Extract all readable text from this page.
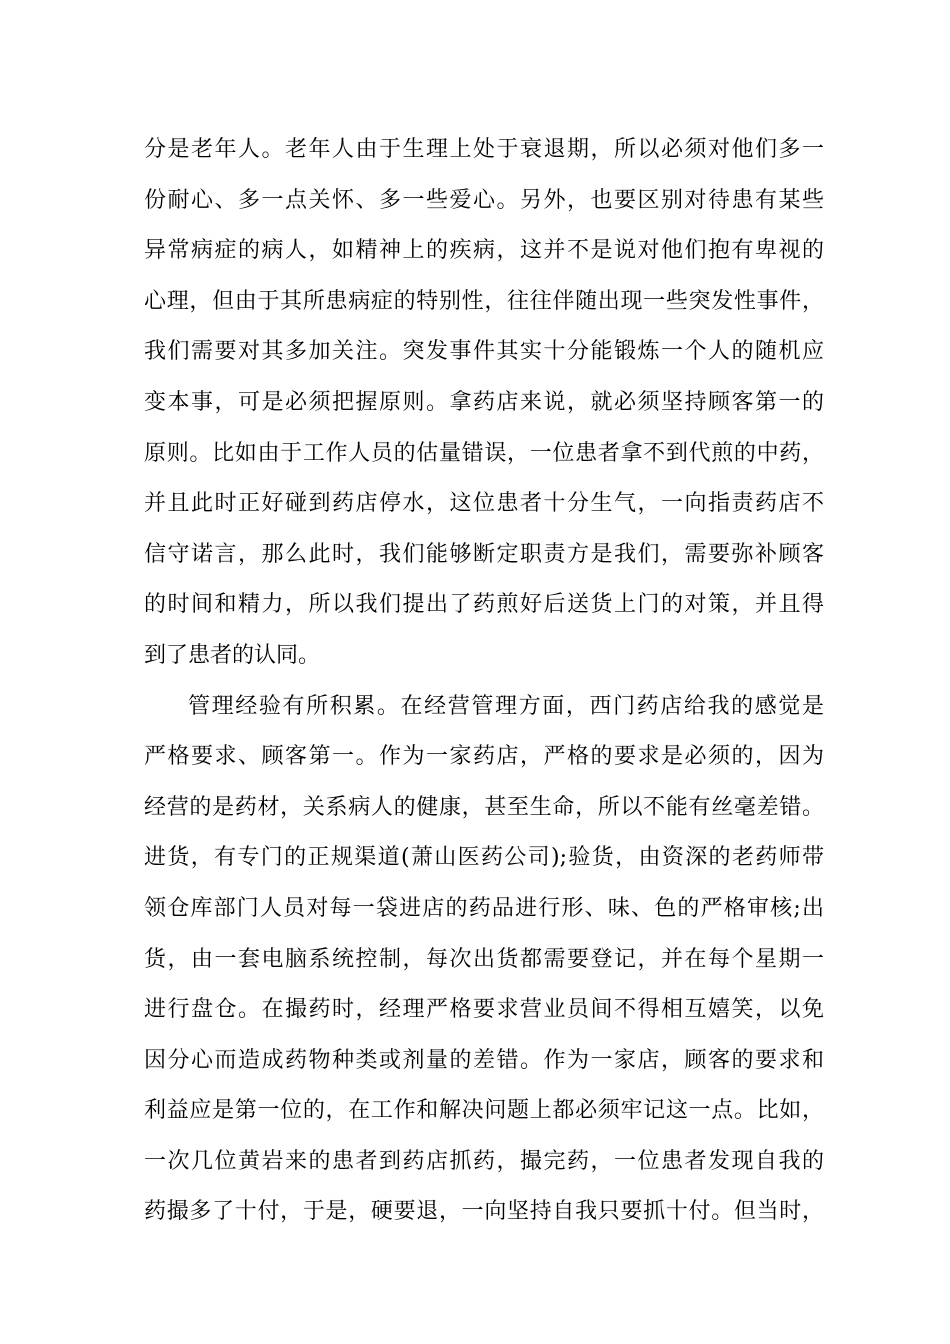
分是老年人。老年人由于生理上处于衰退期，所以必须对他们多一
份耐心、多一点关怀、多一些爱心。另外，也要区别对待患有某些
异常病症的病人，如精神上的疾病，这并不是说对他们抱有卑视的
心理，但由于其所患病症的特别性，往往伴随出现一些突发性事件，
我们需要对其多加关注。突发事件其实十分能锻炼一个人的随机应
变本事，可是必须把握原则。拿药店来说，就必须坚持顾客第一的
原则。比如由于工作人员的估量错误，一位患者拿不到代煎的中药，
并且此时正好碰到药店停水，这位患者十分生气，一向指责药店不
信守诺言，那么此时，我们能够断定职责方是我们，需要弥补顾客
的时间和精力，所以我们提出了药煎好后送货上门的对策，并且得
到了患者的认同。
管理经验有所积累。在经营管理方面，西门药店给我的感觉是
严格要求、顾客第一。作为一家药店，严格的要求是必须的，因为
经营的是药材，关系病人的健康，甚至生命，所以不能有丝毫差错。
进货，有专门的正规渠道(萧山医药公司);验货，由资深的老药师带
领仓库部门人员对每一袋进店的药品进行形、味、色的严格审核;出
货，由一套电脑系统控制，每次出货都需要登记，并在每个星期一
进行盘仓。在撮药时，经理严格要求营业员间不得相互嬉笑，以免
因分心而造成药物种类或剂量的差错。作为一家店，顾客的要求和
利益应是第一位的，在工作和解决问题上都必须牢记这一点。比如，
一次几位黄岩来的患者到药店抓药，撮完药，一位患者发现自我的
药撮多了十付，于是，硬要退，一向坚持自我只要抓十付。但当时，
